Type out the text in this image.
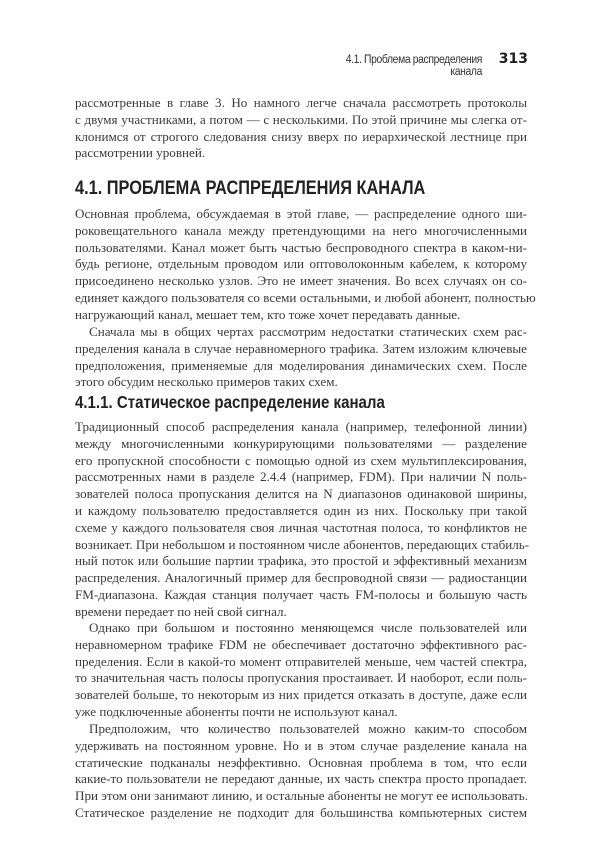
4.1. Проблема распределения канала
313
рассмотренные в главе 3. Но намного легче сначала рассмотреть протоколы
с двумя участниками, а потом — с несколькими. По этой причине мы слегка от-
клонимся от строгого следования снизу вверх по иерархической лестнице при
рассмотрении уровней.
4.1. ПРОБЛЕМА РАСПРЕДЕЛЕНИЯ КАНАЛА
Основная проблема, обсуждаемая в этой главе, — распределение одного ши-
роковещательного канала между претендующими на него многочисленными
пользователями. Канал может быть частью беспроводного спектра в каком-ни-
будь регионе, отдельным проводом или оптоволоконным кабелем, к которому
присоединено несколько узлов. Это не имеет значения. Во всех случаях он со-
единяет каждого пользователя со всеми остальными, и любой абонент, полностью
нагружающий канал, мешает тем, кто тоже хочет передавать данные.
Сначала мы в общих чертах рассмотрим недостатки статических схем рас-
пределения канала в случае неравномерного трафика. Затем изложим ключевые
предположения, применяемые для моделирования динамических схем. После
этого обсудим несколько примеров таких схем.
4.1.1. Статическое распределение канала
Традиционный способ распределения канала (например, телефонной линии)
между многочисленными конкурирующими пользователями — разделение
его пропускной способности с помощью одной из схем мультиплексирования,
рассмотренных нами в разделе 2.4.4 (например, FDM). При наличии N поль-
зователей полоса пропускания делится на N диапазонов одинаковой ширины,
и каждому пользователю предоставляется один из них. Поскольку при такой
схеме у каждого пользователя своя личная частотная полоса, то конфликтов не
возникает. При небольшом и постоянном числе абонентов, передающих стабиль-
ный поток или большие партии трафика, это простой и эффективный механизм
распределения. Аналогичный пример для беспроводной связи — радиостанции
FM-диапазона. Каждая станция получает часть FM-полосы и большую часть
времени передает по ней свой сигнал.
Однако при большом и постоянно меняющемся числе пользователей или
неравномерном трафике FDM не обеспечивает достаточно эффективного рас-
пределения. Если в какой-то момент отправителей меньше, чем частей спектра,
то значительная часть полосы пропускания простаивает. И наоборот, если поль-
зователей больше, то некоторым из них придется отказать в доступе, даже если
уже подключенные абоненты почти не используют канал.
Предположим, что количество пользователей можно каким-то способом
удерживать на постоянном уровне. Но и в этом случае разделение канала на
статические подканалы неэффективно. Основная проблема в том, что если
какие-то пользователи не передают данные, их часть спектра просто пропадает.
При этом они занимают линию, и остальные абоненты не могут ее использовать.
Статическое разделение не подходит для большинства компьютерных систем
